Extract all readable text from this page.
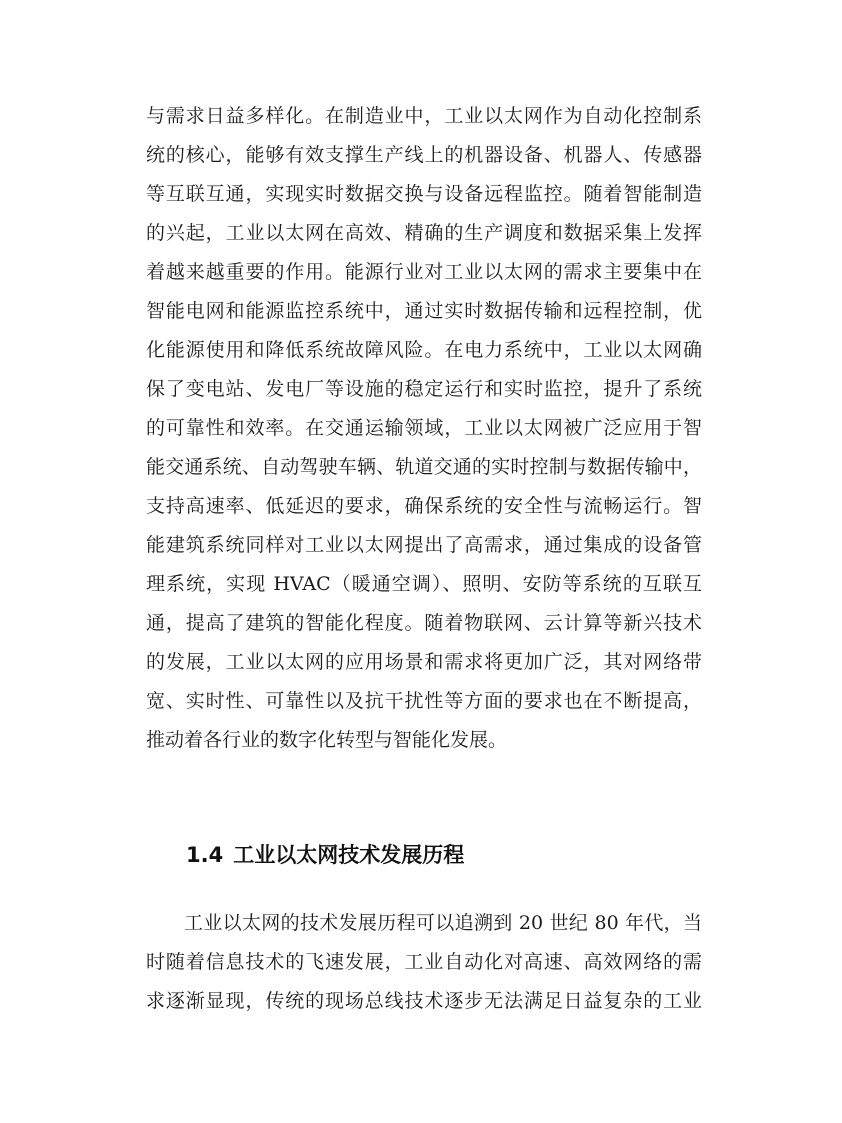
与需求日益多样化。在制造业中，工业以太网作为自动化控制系
统的核心，能够有效支撑生产线上的机器设备、机器人、传感器
等互联互通，实现实时数据交换与设备远程监控。随着智能制造
的兴起，工业以太网在高效、精确的生产调度和数据采集上发挥
着越来越重要的作用。能源行业对工业以太网的需求主要集中在
智能电网和能源监控系统中，通过实时数据传输和远程控制，优
化能源使用和降低系统故障风险。在电力系统中，工业以太网确
保了变电站、发电厂等设施的稳定运行和实时监控，提升了系统
的可靠性和效率。在交通运输领域，工业以太网被广泛应用于智
能交通系统、自动驾驶车辆、轨道交通的实时控制与数据传输中，
支持高速率、低延迟的要求，确保系统的安全性与流畅运行。智
能建筑系统同样对工业以太网提出了高需求，通过集成的设备管
理系统，实现 HVAC（暖通空调）、照明、安防等系统的互联互
通，提高了建筑的智能化程度。随着物联网、云计算等新兴技术
的发展，工业以太网的应用场景和需求将更加广泛，其对网络带
宽、实时性、可靠性以及抗干扰性等方面的要求也在不断提高，
推动着各行业的数字化转型与智能化发展。
1.4 工业以太网技术发展历程
工业以太网的技术发展历程可以追溯到 20 世纪 80 年代，当
时随着信息技术的飞速发展，工业自动化对高速、高效网络的需
求逐渐显现，传统的现场总线技术逐步无法满足日益复杂的工业
